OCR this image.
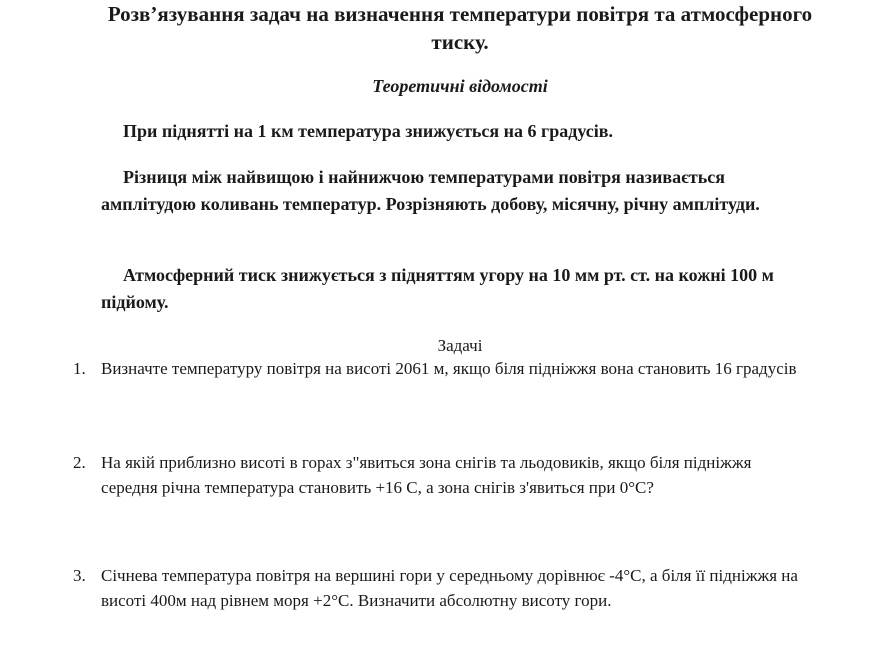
Розв’язування задач на визначення температури повітря та атмосферного тиску.
Теоретичні відомості

При піднятті на 1 км температура знижується на 6 градусів.

Різниця між найвищою і найнижчою температурами повітря називається амплітудою коливань температур. Розрізняють добову, місячну, річну амплітуди.

Атмосферний тиск знижується з підняттям угору на 10 мм рт. ст. на кожні 100 м підйому.

Задачі

1. Визначте температуру повітря на висоті 2061 м, якщо біля підніжжя вона становить 16 градусів
2. На якій приблизно висоті в горах з"явиться зона снігів та льодовиків, якщо біля підніжжя середня річна температура становить +16 С, а зона снігів з'явиться при 0°С?
3. Січнева температура повітря на вершині гори у середньому дорівнює -4°С, а біля її підніжжя на висоті 400м над рівнем моря +2°С. Визначити абсолютну висоту гори.
